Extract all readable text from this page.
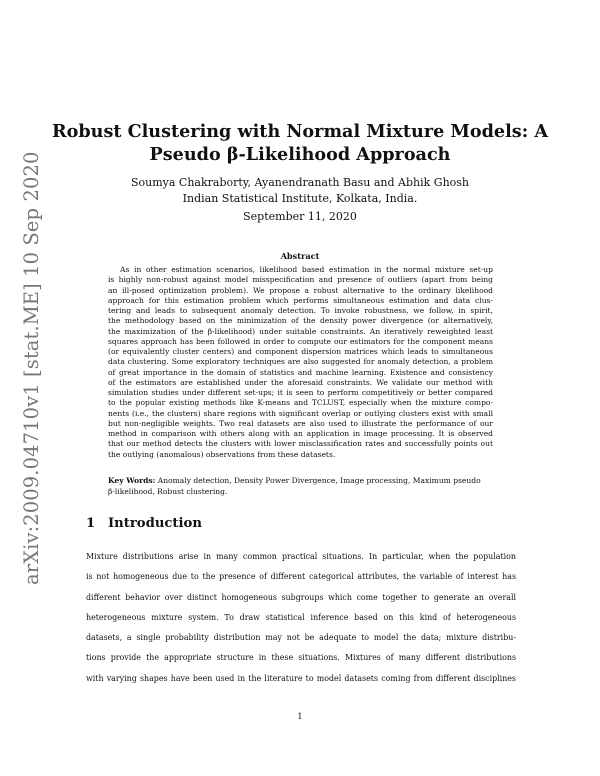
arXiv:2009.04710v1 [stat.ME] 10 Sep 2020
Robust Clustering with Normal Mixture Models: A
Pseudo β-Likelihood Approach
Soumya Chakraborty, Ayanendranath Basu and Abhik Ghosh
Indian Statistical Institute, Kolkata, India.
September 11, 2020
Abstract
As in other estimation scenarios, likelihood based estimation in the normal mixture set-up
is highly non-robust against model misspecification and presence of outliers (apart from being
an ill-posed optimization problem). We propose a robust alternative to the ordinary likelihood
approach for this estimation problem which performs simultaneous estimation and data clus-
tering and leads to subsequent anomaly detection. To invoke robustness, we follow, in spirit,
the methodology based on the minimization of the density power divergence (or alternatively,
the maximization of the β-likelihood) under suitable constraints. An iteratively reweighted least
squares approach has been followed in order to compute our estimators for the component means
(or equivalently cluster centers) and component dispersion matrices which leads to simultaneous
data clustering. Some exploratory techniques are also suggested for anomaly detection, a problem
of great importance in the domain of statistics and machine learning. Existence and consistency
of the estimators are established under the aforesaid constraints. We validate our method with
simulation studies under different set-ups; it is seen to perform competitively or better compared
to the popular existing methods like K-means and TCLUST, especially when the mixture compo-
nents (i.e., the clusters) share regions with significant overlap or outlying clusters exist with small
but non-negligible weights. Two real datasets are also used to illustrate the performance of our
method in comparison with others along with an application in image processing. It is observed
that our method detects the clusters with lower misclassification rates and successfully points out
the outlying (anomalous) observations from these datasets.
Key Words: Anomaly detection, Density Power Divergence, Image processing, Maximum pseudo
β-likelihood, Robust clustering.
1 Introduction
Mixture distributions arise in many common practical situations. In particular, when the population
is not homogeneous due to the presence of different categorical attributes, the variable of interest has
different behavior over distinct homogeneous subgroups which come together to generate an overall
heterogeneous mixture system. To draw statistical inference based on this kind of heterogeneous
datasets, a single probability distribution may not be adequate to model the data; mixture distribu-
tions provide the appropriate structure in these situations. Mixtures of many different distributions
with varying shapes have been used in the literature to model datasets coming from different disciplines
1
